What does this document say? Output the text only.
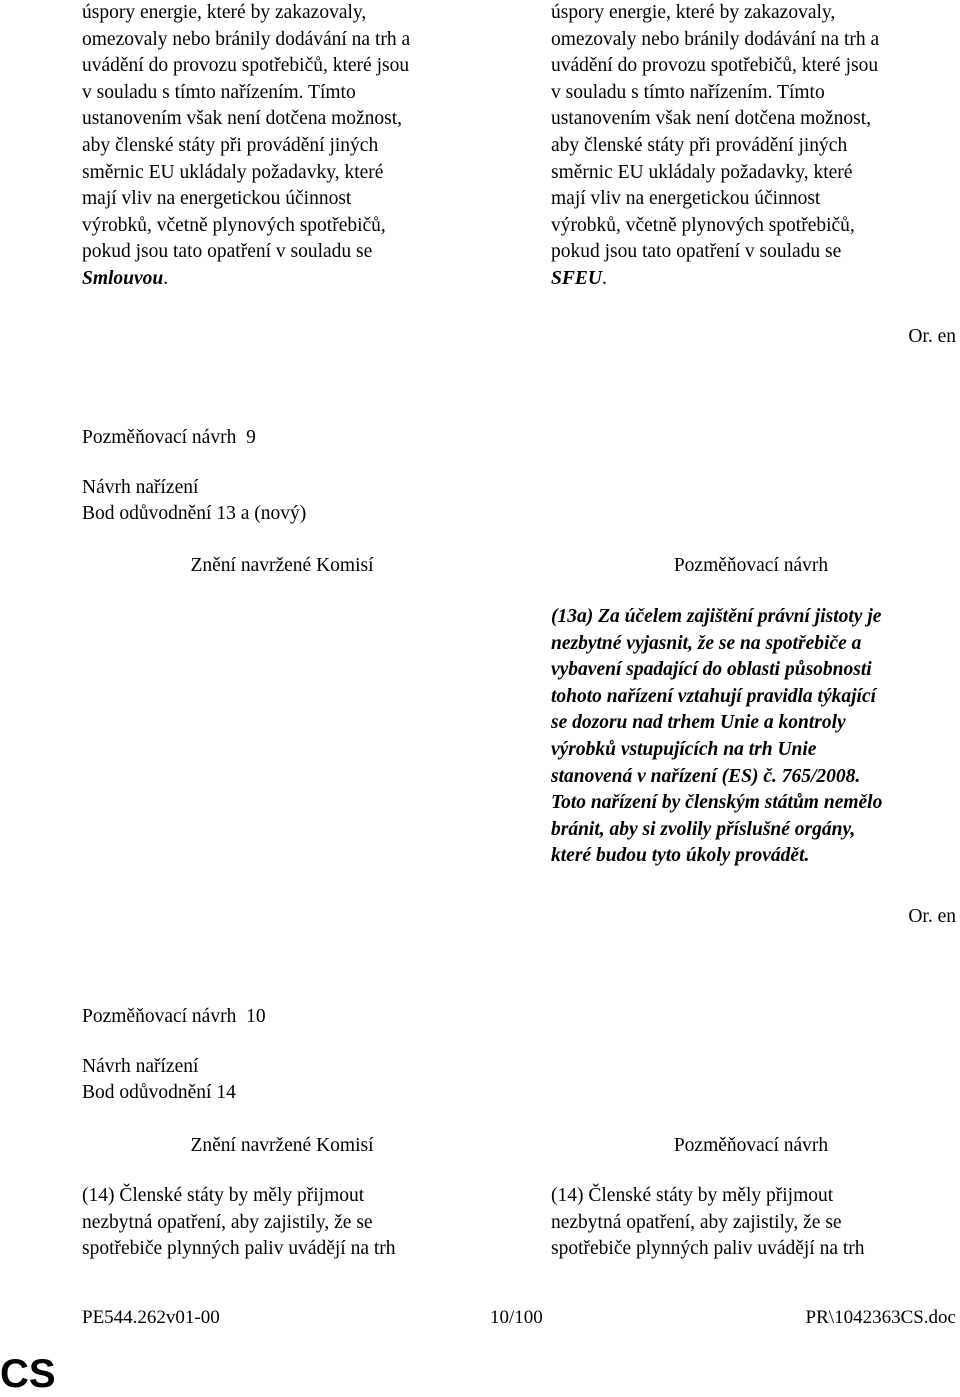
úspory energie, které by zakazovaly,
omezovaly nebo bránily dodávání na trh a
uvádění do provozu spotřebičů, které jsou
v souladu s tímto nařízením. Tímto
ustanovením však není dotčena možnost,
aby členské státy při provádění jiných
směrnic EU ukládaly požadavky, které
mají vliv na energetickou účinnost
výrobků, včetně plynových spotřebičů,
pokud jsou tato opatření v souladu se
Smlouvou.

úspory energie, které by zakazovaly,
omezovaly nebo bránily dodávání na trh a
uvádění do provozu spotřebičů, které jsou
v souladu s tímto nařízením. Tímto
ustanovením však není dotčena možnost,
aby členské státy při provádění jiných
směrnic EU ukládaly požadavky, které
mají vliv na energetickou účinnost
výrobků, včetně plynových spotřebičů,
pokud jsou tato opatření v souladu se
SFEU.

Or. en
Pozměňovací návrh 9
Návrh nařízení
Bod odůvodnění 13 a (nový)
Znění navržené Komisí	Pozměňovací návrh

(13a) Za účelem zajištění právní jistoty je
nezbytné vyjasnit, že se na spotřebiče a
vybavení spadající do oblasti působnosti
tohoto nařízení vztahují pravidla týkající
se dozoru nad trhem Unie a kontroly
výrobků vstupujících na trh Unie
stanovená v nařízení (ES) č. 765/2008.
Toto nařízení by členským státům nemělo
bránit, aby si zvolily příslušné orgány,
které budou tyto úkoly provádět.

Or. en
Pozměňovací návrh 10
Návrh nařízení
Bod odůvodnění 14
Znění navržené Komisí	Pozměňovací návrh

(14) Členské státy by měly přijmout
nezbytná opatření, aby zajistily, že se
spotřebiče plynných paliv uvádějí na trh

(14) Členské státy by měly přijmout
nezbytná opatření, aby zajistily, že se
spotřebiče plynných paliv uvádějí na trh

PE544.262v01-00	10/100	PR\1042363CS.doc
CS
